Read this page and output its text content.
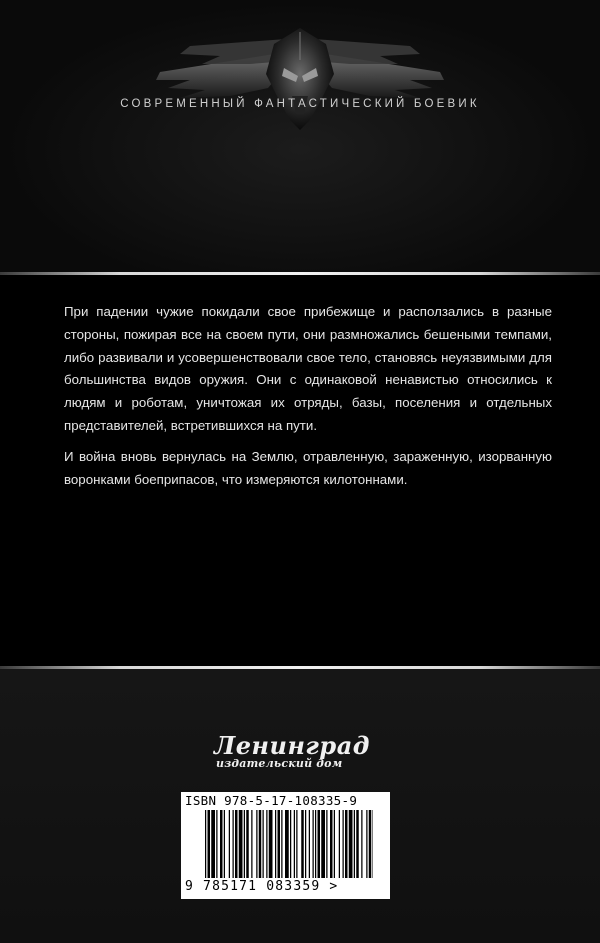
СОВРЕМЕННЫЙ ФАНТАСТИЧЕСКИЙ БОЕВИК

При падении чужие покидали свое прибежище и расползались в разные стороны, пожирая все на своем пути, они размножались бешеными темпами, либо развивали и усовершенствовали свое тело, становясь неуязвимыми для большинства видов оружия. Они с одинаковой ненавистью относились к людям и роботам, уничтожая их отряды, базы, поселения и отдельных представителей, встретившихся на пути.

И война вновь вернулась на Землю, отравленную, зараженную, изорванную воронками боеприпасов, что измеряются килотоннами.

Ленинград
издательский дом
ISBN 978-5-17-108335-9
9 785171 083359 >
